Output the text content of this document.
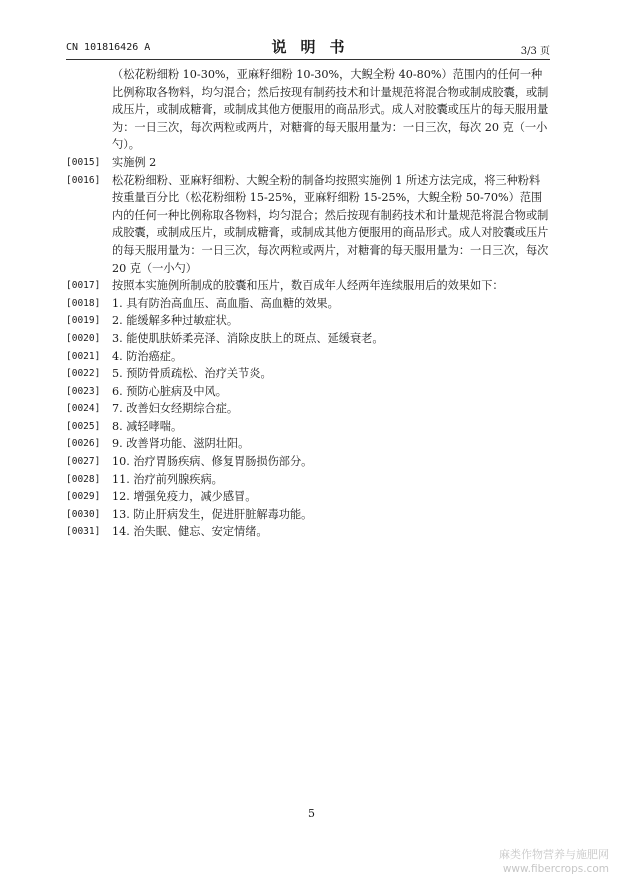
CN 101816426 A	说明书	3/3 页
（松花粉细粉 10-30%，亚麻籽细粉 10-30%，大鲵全粉 40-80%）范围内的任何一种比例称取各物料，均匀混合；然后按现有制药技术和计量规范将混合物或制成胶囊，或制成压片，或制成糖膏，或制成其他方便服用的商品形式。成人对胶囊或压片的每天服用量为：一日三次，每次两粒或两片，对糖膏的每天服用量为：一日三次，每次 20 克（一小勺）。
[0015]	实施例 2
[0016]	松花粉细粉、亚麻籽细粉、大鲵全粉的制备均按照实施例 1 所述方法完成，将三种粉料按重量百分比（松花粉细粉 15-25%，亚麻籽细粉 15-25%，大鲵全粉 50-70%）范围内的任何一种比例称取各物料，均匀混合；然后按现有制药技术和计量规范将混合物或制成胶囊，或制成压片，或制成糖膏，或制成其他方便服用的商品形式。成人对胶囊或压片的每天服用量为：一日三次，每次两粒或两片，对糖膏的每天服用量为：一日三次，每次 20 克（一小勺）
[0017]	按照本实施例所制成的胶囊和压片，数百成年人经两年连续服用后的效果如下：
[0018]	1. 具有防治高血压、高血脂、高血糖的效果。
[0019]	2. 能缓解多种过敏症状。
[0020]	3. 能使肌肤娇柔亮泽、消除皮肤上的斑点、延缓衰老。
[0021]	4. 防治癌症。
[0022]	5. 预防骨质疏松、治疗关节炎。
[0023]	6. 预防心脏病及中风。
[0024]	7. 改善妇女经期综合症。
[0025]	8. 减轻哮喘。
[0026]	9. 改善肾功能、滋阴壮阳。
[0027]	10. 治疗胃肠疾病、修复胃肠损伤部分。
[0028]	11. 治疗前列腺疾病。
[0029]	12. 增强免疫力，减少感冒。
[0030]	13. 防止肝病发生，促进肝脏解毒功能。
[0031]	14. 治失眠、健忘、安定情绪。
5
麻类作物营养与施肥网
www.fibercrops.com
